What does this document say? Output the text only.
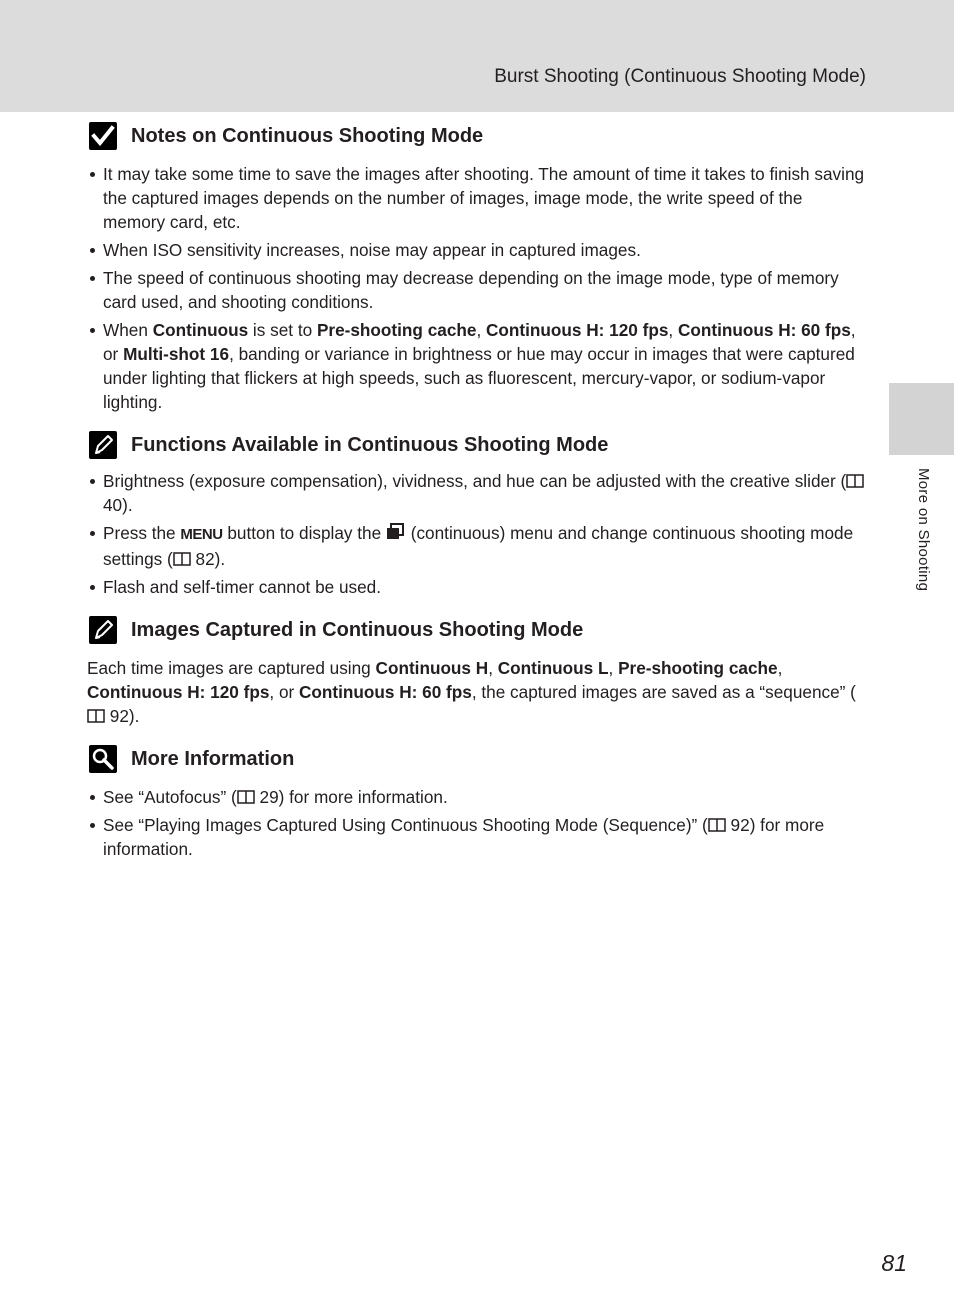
Burst Shooting (Continuous Shooting Mode)
More on Shooting
Notes on Continuous Shooting Mode
It may take some time to save the images after shooting. The amount of time it takes to finish saving the captured images depends on the number of images, image mode, the write speed of the memory card, etc.
When ISO sensitivity increases, noise may appear in captured images.
The speed of continuous shooting may decrease depending on the image mode, type of memory card used, and shooting conditions.
When Continuous is set to Pre-shooting cache, Continuous H: 120 fps, Continuous H: 60 fps, or Multi-shot 16, banding or variance in brightness or hue may occur in images that were captured under lighting that flickers at high speeds, such as fluorescent, mercury-vapor, or sodium-vapor lighting.
Functions Available in Continuous Shooting Mode
Brightness (exposure compensation), vividness, and hue can be adjusted with the creative slider ( 40).
Press the MENU button to display the  (continuous) menu and change continuous shooting mode settings ( 82).
Flash and self-timer cannot be used.
Images Captured in Continuous Shooting Mode

Each time images are captured using Continuous H, Continuous L, Pre-shooting cache, Continuous H: 120 fps, or Continuous H: 60 fps, the captured images are saved as a “sequence” ( 92).

More Information
See “Autofocus” ( 29) for more information.
See “Playing Images Captured Using Continuous Shooting Mode (Sequence)” ( 92) for more information.
81
